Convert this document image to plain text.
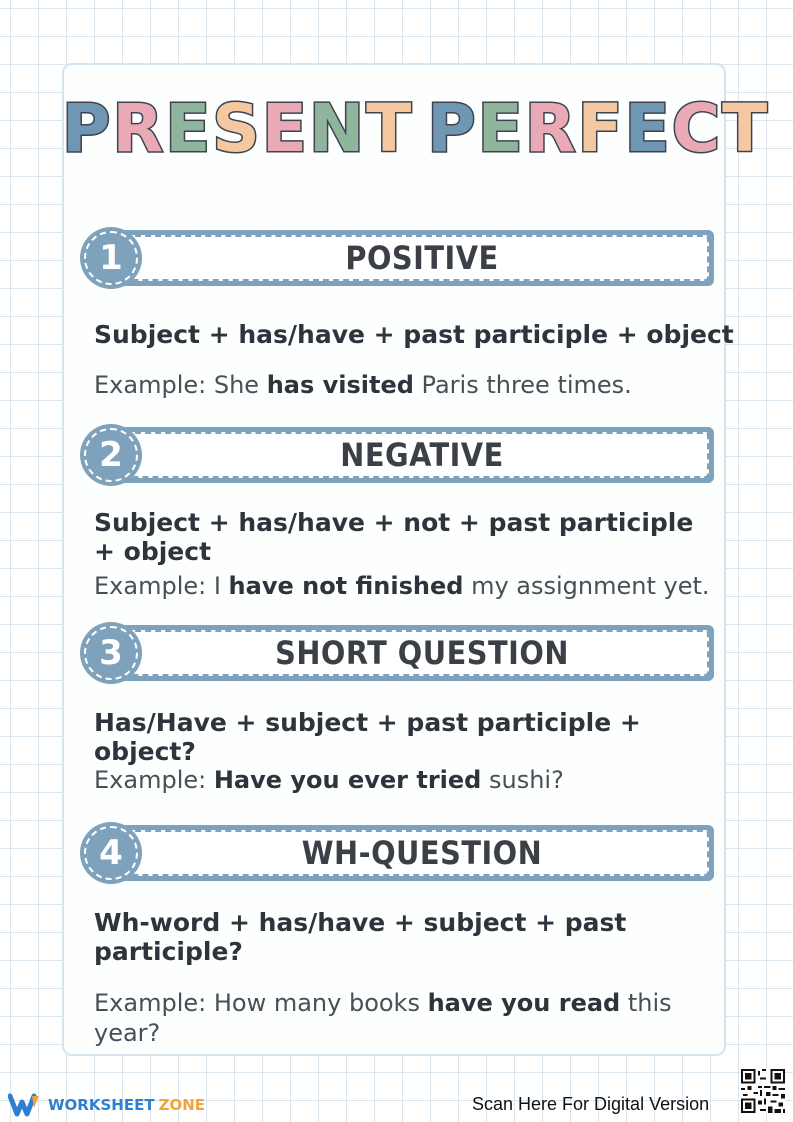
PRESENT PERFECT
POSITIVE
1
Subject + has/have + past participle + object
Example: She has visited Paris three times.
NEGATIVE
2
Subject + has/have + not + past participle + object
Example: I have not finished my assignment yet.
SHORT QUESTION
3
Has/Have + subject + past participle + object?
Example: Have you ever tried sushi?
WH-QUESTION
4
Wh-word + has/have + subject + past participle?
Example: How many books have you read this year?
WORKSHEET ZONE	Scan Here For Digital Version
